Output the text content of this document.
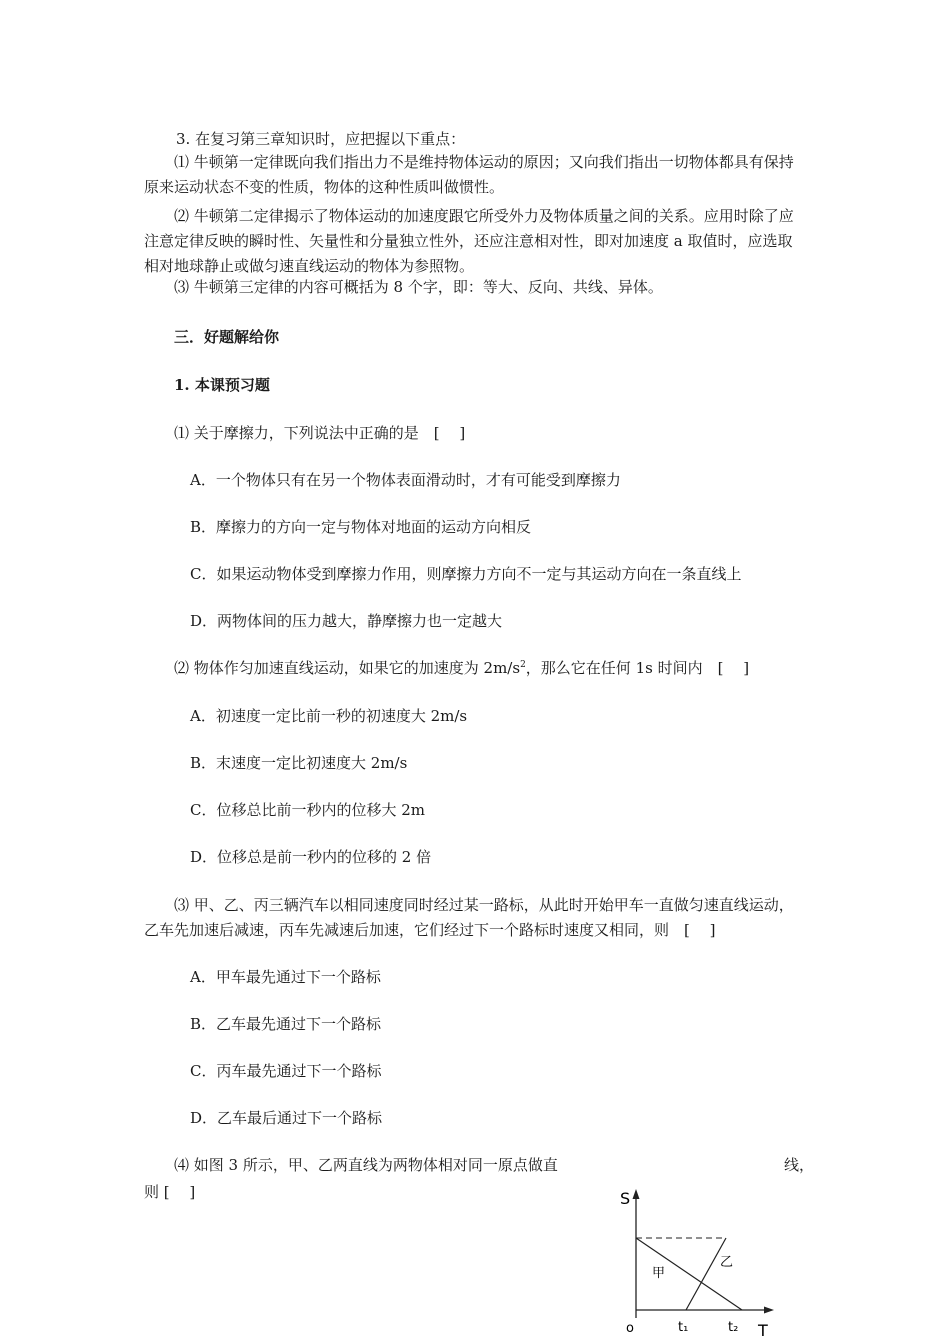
3. 在复习第三章知识时，应把握以下重点：
⑴ 牛顿第一定律既向我们指出力不是维持物体运动的原因；又向我们指出一切物体都具有保持原来运动状态不变的性质，物体的这种性质叫做惯性。
⑵ 牛顿第二定律揭示了物体运动的加速度跟它所受外力及物体质量之间的关系。应用时除了应注意定律反映的瞬时性、矢量性和分量独立性外，还应注意相对性，即对加速度 a 取值时，应选取相对地球静止或做匀速直线运动的物体为参照物。
⑶ 牛顿第三定律的内容可概括为 8 个字，即：等大、反向、共线、异体。
三．好题解给你
1. 本课预习题
⑴ 关于摩擦力，下列说法中正确的是　[　 ]
A．一个物体只有在另一个物体表面滑动时，才有可能受到摩擦力
B．摩擦力的方向一定与物体对地面的运动方向相反
C．如果运动物体受到摩擦力作用，则摩擦力方向不一定与其运动方向在一条直线上
D．两物体间的压力越大，静摩擦力也一定越大
⑵ 物体作匀加速直线运动，如果它的加速度为 $2m/s^2$，那么它在任何 1s 时间内　[　 ]
A．初速度一定比前一秒的初速度大 2m/s
B．末速度一定比初速度大 2m/s
C．位移总比前一秒内的位移大 2m
D．位移总是前一秒内的位移的 2 倍
⑶ 甲、乙、丙三辆汽车以相同速度同时经过某一路标，从此时开始甲车一直做匀速直线运动，乙车先加速后减速，丙车先减速后加速，它们经过下一个路标时速度又相同，则　[　 ]
A．甲车最先通过下一个路标
B．乙车最先通过下一个路标
C．丙车最先通过下一个路标
D．乙车最后通过下一个路标
⑷ 如图 3 所示，甲、乙两直线为两物体相对同一原点做直	线，
则 [　 ]	S
T
o	t₁	t₂
甲
乙
